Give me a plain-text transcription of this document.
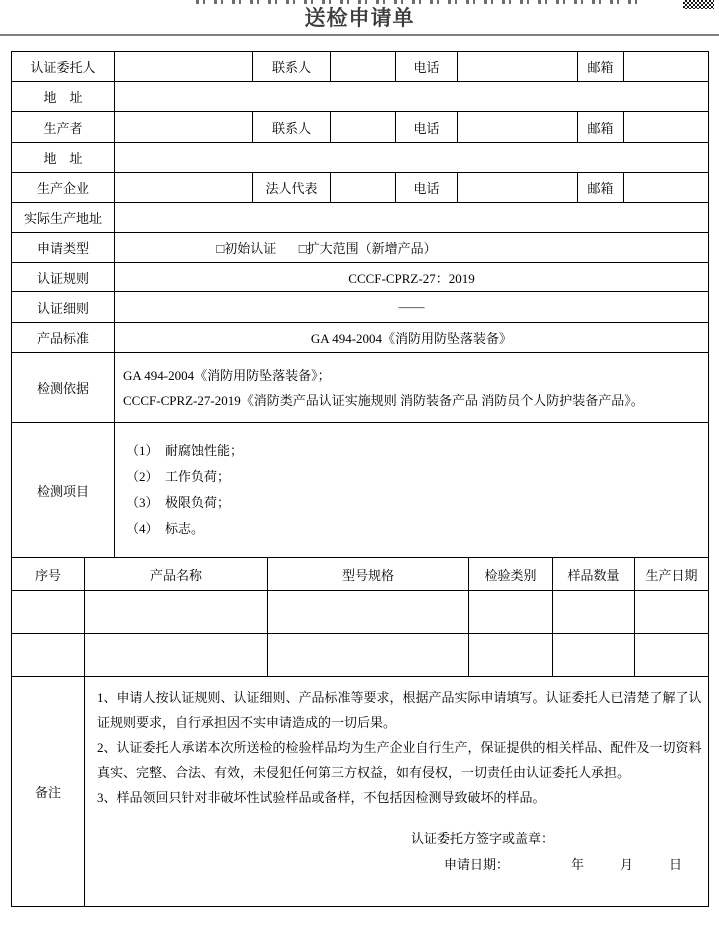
送检申请单
认证委托人		联系人		电话		邮箱	
地　址							
生产者		联系人		电话		邮箱	
地　址							
生产企业		法人代表		电话		邮箱	
实际生产地址							
申请类型	□初始认证 □扩大范围（新增产品）						
认证规则	CCCF-CPRZ-27：2019						
认证细则	——						
产品标准	GA 494-2004《消防用防坠落装备》						
检测依据	GA 494-2004《消防用防坠落装备》；
CCCF-CPRZ-27-2019《消防类产品认证实施规则 消防装备产品 消防员个人防护装备产品》。						

检测项目	（1）　耐腐蚀性能；
（2）　工作负荷；
（3）　极限负荷；
（4）　标志。						
序号	产品名称	型号规格	检验类别	样品数量	生产日期

备注	1、申请人按认证规则、认证细则、产品标准等要求，根据产品实际申请填写。认证委托人已清楚了解了认证规则要求，自行承担因不实申请造成的一切后果。
2、认证委托人承诺本次所送检的检验样品均为生产企业自行生产，保证提供的相关样品、配件及一切资料真实、完整、合法、有效，未侵犯任何第三方权益，如有侵权，一切责任由认证委托人承担。
3、样品领回只针对非破坏性试验样品或备样，不包括因检测导致破坏的样品。
认证委托方签字或盖章：
申请日期： 年 月 日				
